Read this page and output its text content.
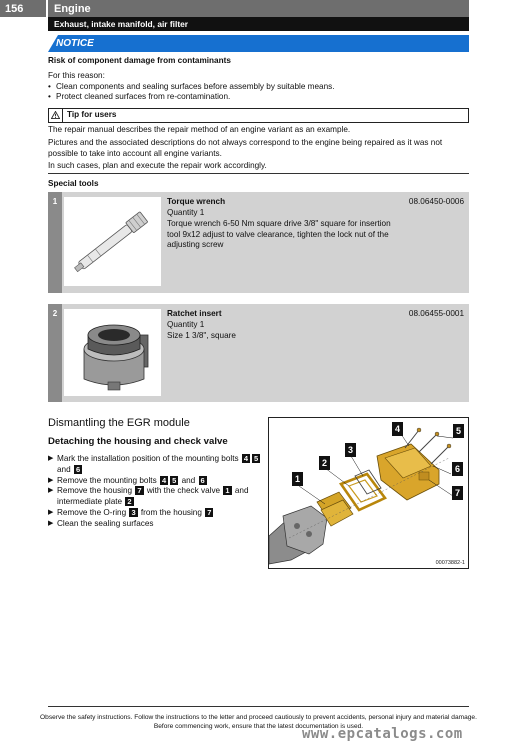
156	Engine
Exhaust, intake manifold, air filter
NOTICE
Risk of component damage from contaminants
For this reason:
• Clean components and sealing surfaces before assembly by suitable means.
• Protect cleaned surfaces from re-contamination.
Tip for users
The repair manual describes the repair method of an engine variant as an example.
Pictures and the associated descriptions do not always correspond to the engine being repaired as it was not possible to take into account all engine variants.
In such cases, plan and execute the repair work accordingly.
Special tools
1	Torque wrench	08.06450-0006
Quantity 1
Torque wrench 6-50 Nm square drive 3/8" square for insertion tool 9x12 adjust to valve clearance, tighten the lock nut of the adjusting screw
2	Ratchet insert	08.06455-0001
Quantity 1
Size 1 3/8", square
Dismantling the EGR module
Detaching the housing and check valve
▶ Mark the installation position of the mounting bolts 4 5 and 6
▶ Remove the mounting bolts 4 5 and 6
▶ Remove the housing 7 with the check valve 1 and intermediate plate 2
▶ Remove the O-ring 3 from the housing 7
▶ Clean the sealing surfaces
1
2
3
4	5
6
7
00073882-1
Observe the safety instructions. Follow the instructions to the letter and proceed cautiously to prevent accidents, personal injury and material damage. Before commencing work, ensure that the latest documentation is used.
www.epcatalogs.com
